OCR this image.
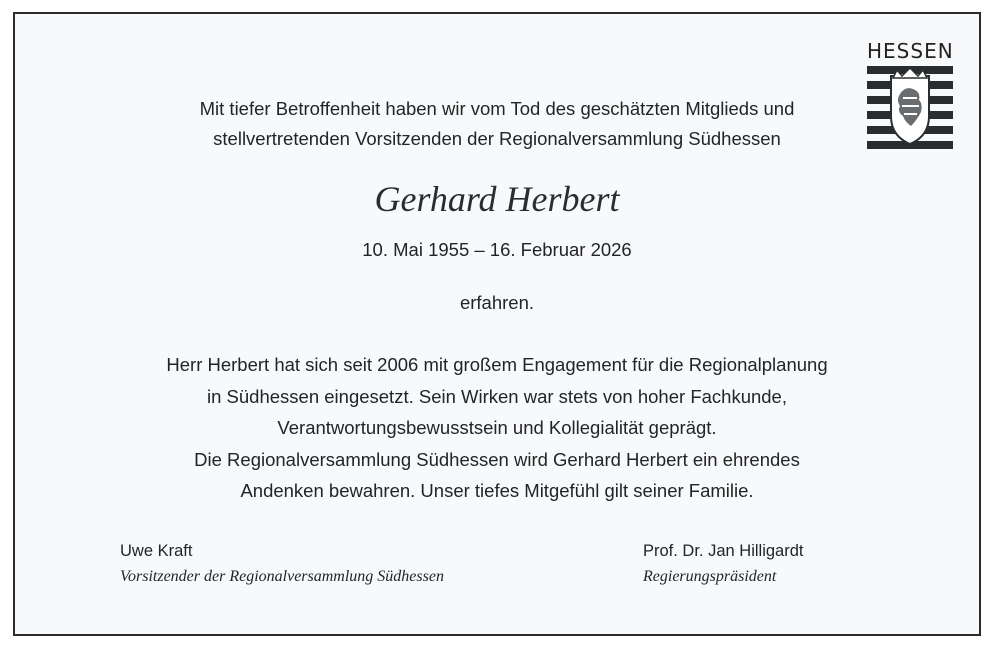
HESSEN
Mit tiefer Betroffenheit haben wir vom Tod des geschätzten Mitglieds und
stellvertretenden Vorsitzenden der Regionalversammlung Südhessen
Gerhard Herbert
10. Mai 1955 – 16. Februar 2026
erfahren.
Herr Herbert hat sich seit 2006 mit großem Engagement für die Regionalplanung
in Südhessen eingesetzt. Sein Wirken war stets von hoher Fachkunde,
Verantwortungsbewusstsein und Kollegialität geprägt.
Die Regionalversammlung Südhessen wird Gerhard Herbert ein ehrendes
Andenken bewahren. Unser tiefes Mitgefühl gilt seiner Familie.
Uwe Kraft
Vorsitzender der Regionalversammlung Südhessen
Prof. Dr. Jan Hilligardt
Regierungspräsident
